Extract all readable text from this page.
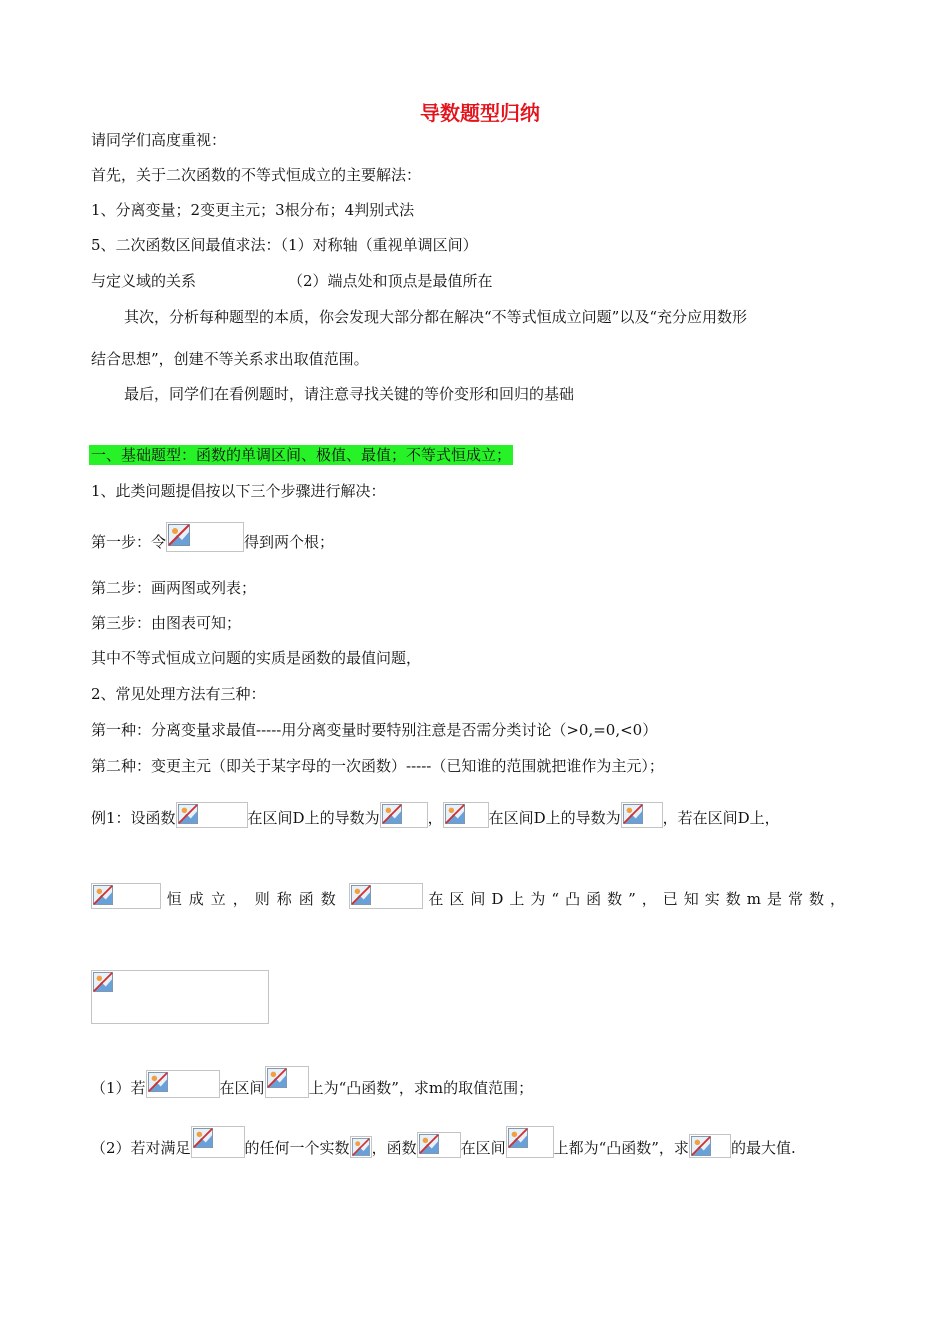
导数题型归纳
请同学们高度重视：
首先，关于二次函数的不等式恒成立的主要解法：
1、分离变量；2变更主元；3根分布；4判别式法
5、二次函数区间最值求法：（1）对称轴（重视单调区间）
与定义域的关系	（2）端点处和顶点是最值所在
其次，分析每种题型的本质，你会发现大部分都在解决“不等式恒成立问题”以及“充分应用数形
结合思想”，创建不等关系求出取值范围。
最后，同学们在看例题时，请注意寻找关键的等价变形和回归的基础
一、基础题型：函数的单调区间、极值、最值；不等式恒成立；
1、此类问题提倡按以下三个步骤进行解决：
第一步：令	得到两个根；
第二步：画两图或列表；
第三步：由图表可知；
其中不等式恒成立问题的实质是函数的最值问题，
2、常见处理方法有三种：
第一种：分离变量求最值-----用分离变量时要特别注意是否需分类讨论（>0,=0,<0）
第二种：变更主元（即关于某字母的一次函数）-----（已知谁的范围就把谁作为主元）；
例1：设函数	在区间D上的导数为	，	在区间D上的导数为	，若在区间D上，
恒成立，则称函数	在区间D上为“凸函数”，已知实数m是常数，
（1）若	在区间	上为“凸函数”，求m的取值范围；
（2）若对满足	的任何一个实数 ，函数	在区间	上都为“凸函数”，求	的最大值.
